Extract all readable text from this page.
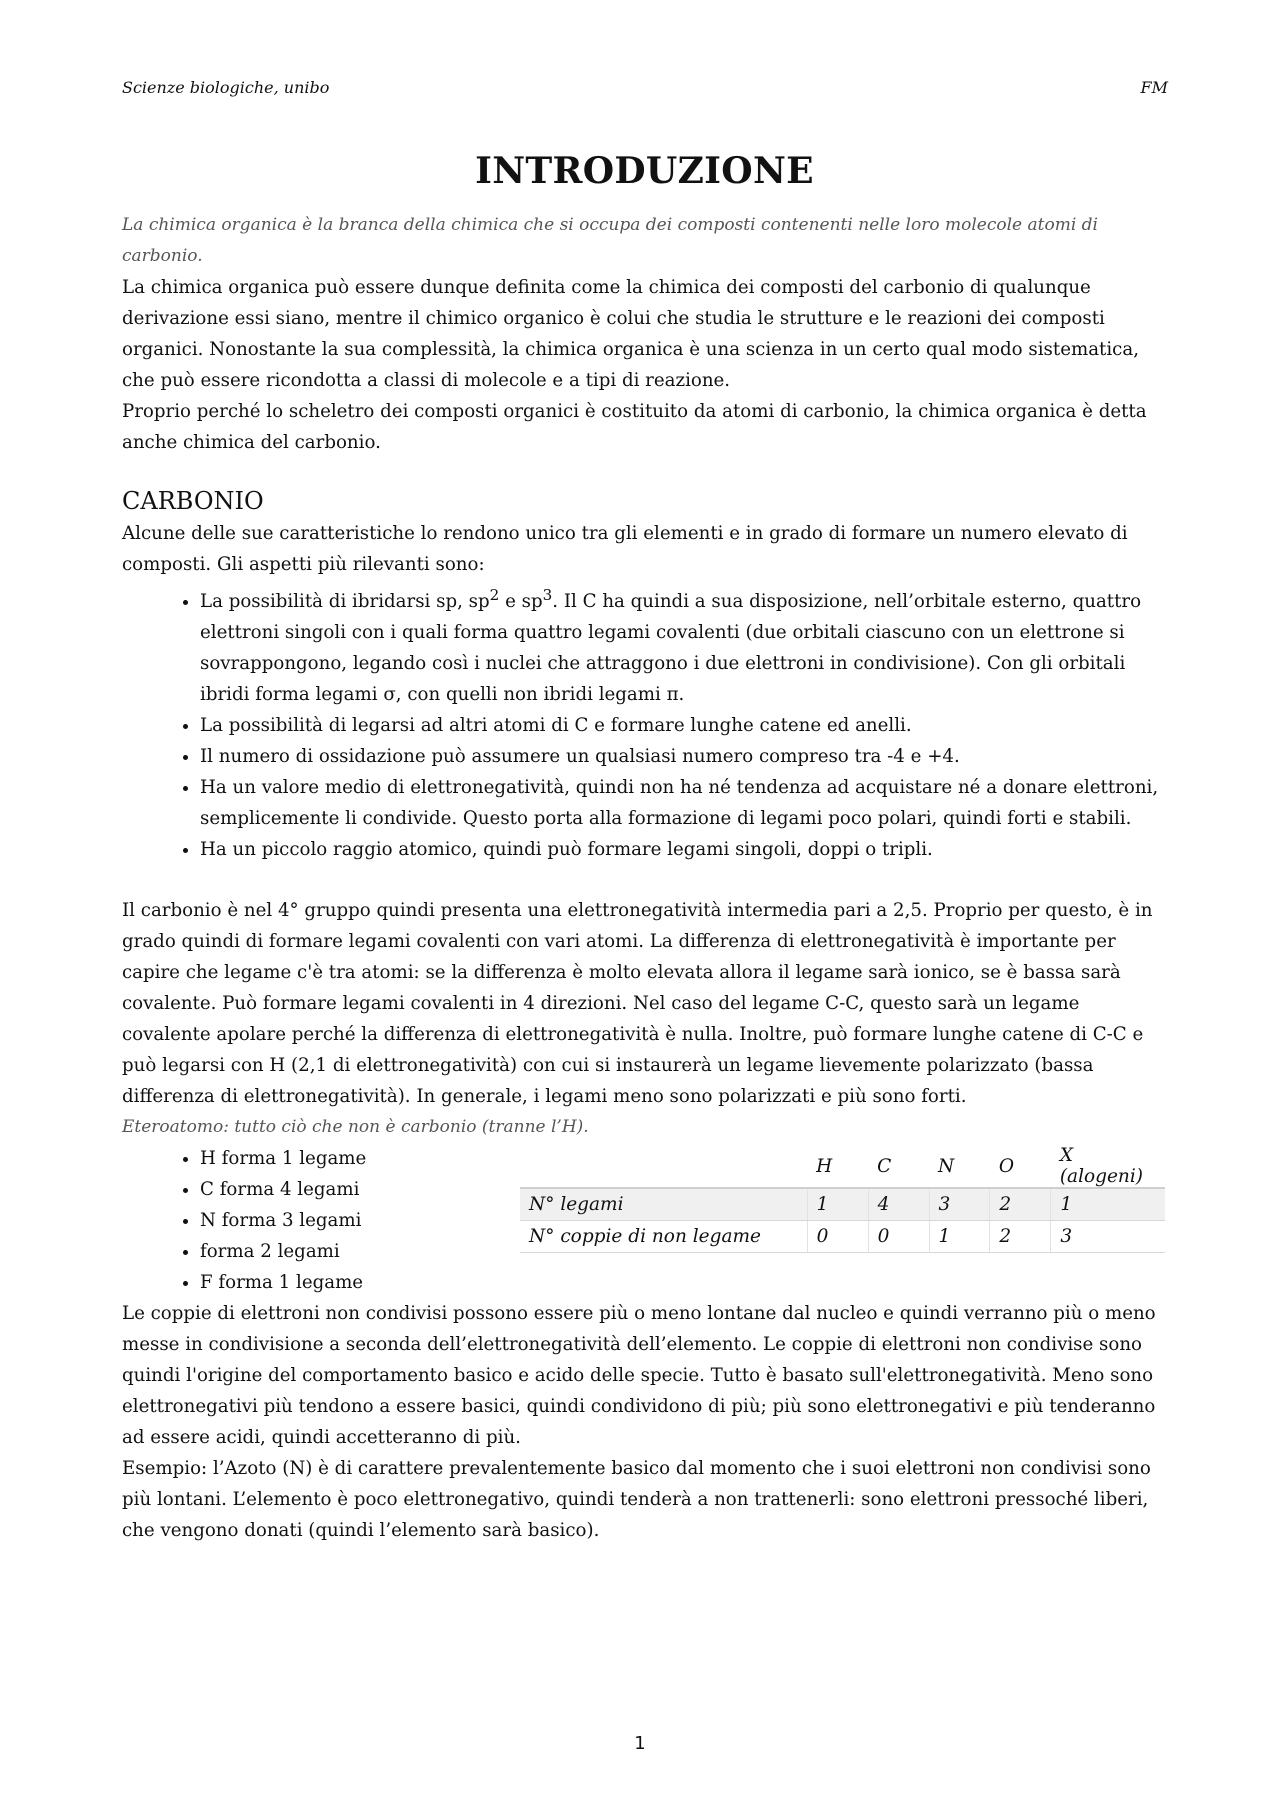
Scienze biologiche, unibo	FM
INTRODUZIONE

La chimica organica è la branca della chimica che si occupa dei composti contenenti nelle loro molecole atomi di carbonio.

La chimica organica può essere dunque definita come la chimica dei composti del carbonio di qualunque derivazione essi siano, mentre il chimico organico è colui che studia le strutture e le reazioni dei composti organici. Nonostante la sua complessità, la chimica organica è una scienza in un certo qual modo sistematica, che può essere ricondotta a classi di molecole e a tipi di reazione.

Proprio perché lo scheletro dei composti organici è costituito da atomi di carbonio, la chimica organica è detta anche chimica del carbonio.

CARBONIO

Alcune delle sue caratteristiche lo rendono unico tra gli elementi e in grado di formare un numero elevato di composti. Gli aspetti più rilevanti sono:

• La possibilità di ibridarsi sp, $sp^2$ e $sp^3$. Il C ha quindi a sua disposizione, nell’orbitale esterno, quattro elettroni singoli con i quali forma quattro legami covalenti (due orbitali ciascuno con un elettrone si sovrappongono, legando così i nuclei che attraggono i due elettroni in condivisione). Con gli orbitali ibridi forma legami σ, con quelli non ibridi legami π.
• La possibilità di legarsi ad altri atomi di C e formare lunghe catene ed anelli.
• Il numero di ossidazione può assumere un qualsiasi numero compreso tra -4 e +4.
• Ha un valore medio di elettronegatività, quindi non ha né tendenza ad acquistare né a donare elettroni, semplicemente li condivide. Questo porta alla formazione di legami poco polari, quindi forti e stabili.
• Ha un piccolo raggio atomico, quindi può formare legami singoli, doppi o tripli.

Il carbonio è nel 4° gruppo quindi presenta una elettronegatività intermedia pari a 2,5. Proprio per questo, è in grado quindi di formare legami covalenti con vari atomi. La differenza di elettronegatività è importante per capire che legame c'è tra atomi: se la differenza è molto elevata allora il legame sarà ionico, se è bassa sarà covalente. Può formare legami covalenti in 4 direzioni. Nel caso del legame C-C, questo sarà un legame covalente apolare perché la differenza di elettronegatività è nulla. Inoltre, può formare lunghe catene di C-C e può legarsi con H (2,1 di elettronegatività) con cui si instaurerà un legame lievemente polarizzato (bassa differenza di elettronegatività). In generale, i legami meno sono polarizzati e più sono forti.

Eteroatomo: tutto ciò che non è carbonio (tranne l’H).

• H forma 1 legame
• C forma 4 legami
• N forma 3 legami
• forma 2 legami
• F forma 1 legame
	H	C	N	O	X (alogeni)
N° legami	1	4	3	2	1
N° coppie di non legame	0	0	1	2	3

Le coppie di elettroni non condivisi possono essere più o meno lontane dal nucleo e quindi verranno più o meno messe in condivisione a seconda dell’elettronegatività dell’elemento. Le coppie di elettroni non condivise sono quindi l'origine del comportamento basico e acido delle specie. Tutto è basato sull'elettronegatività. Meno sono elettronegativi più tendono a essere basici, quindi condividono di più; più sono elettronegativi e più tenderanno ad essere acidi, quindi accetteranno di più.

Esempio: l’Azoto (N) è di carattere prevalentemente basico dal momento che i suoi elettroni non condivisi sono più lontani. L’elemento è poco elettronegativo, quindi tenderà a non trattenerli: sono elettroni pressoché liberi, che vengono donati (quindi l’elemento sarà basico).

1
